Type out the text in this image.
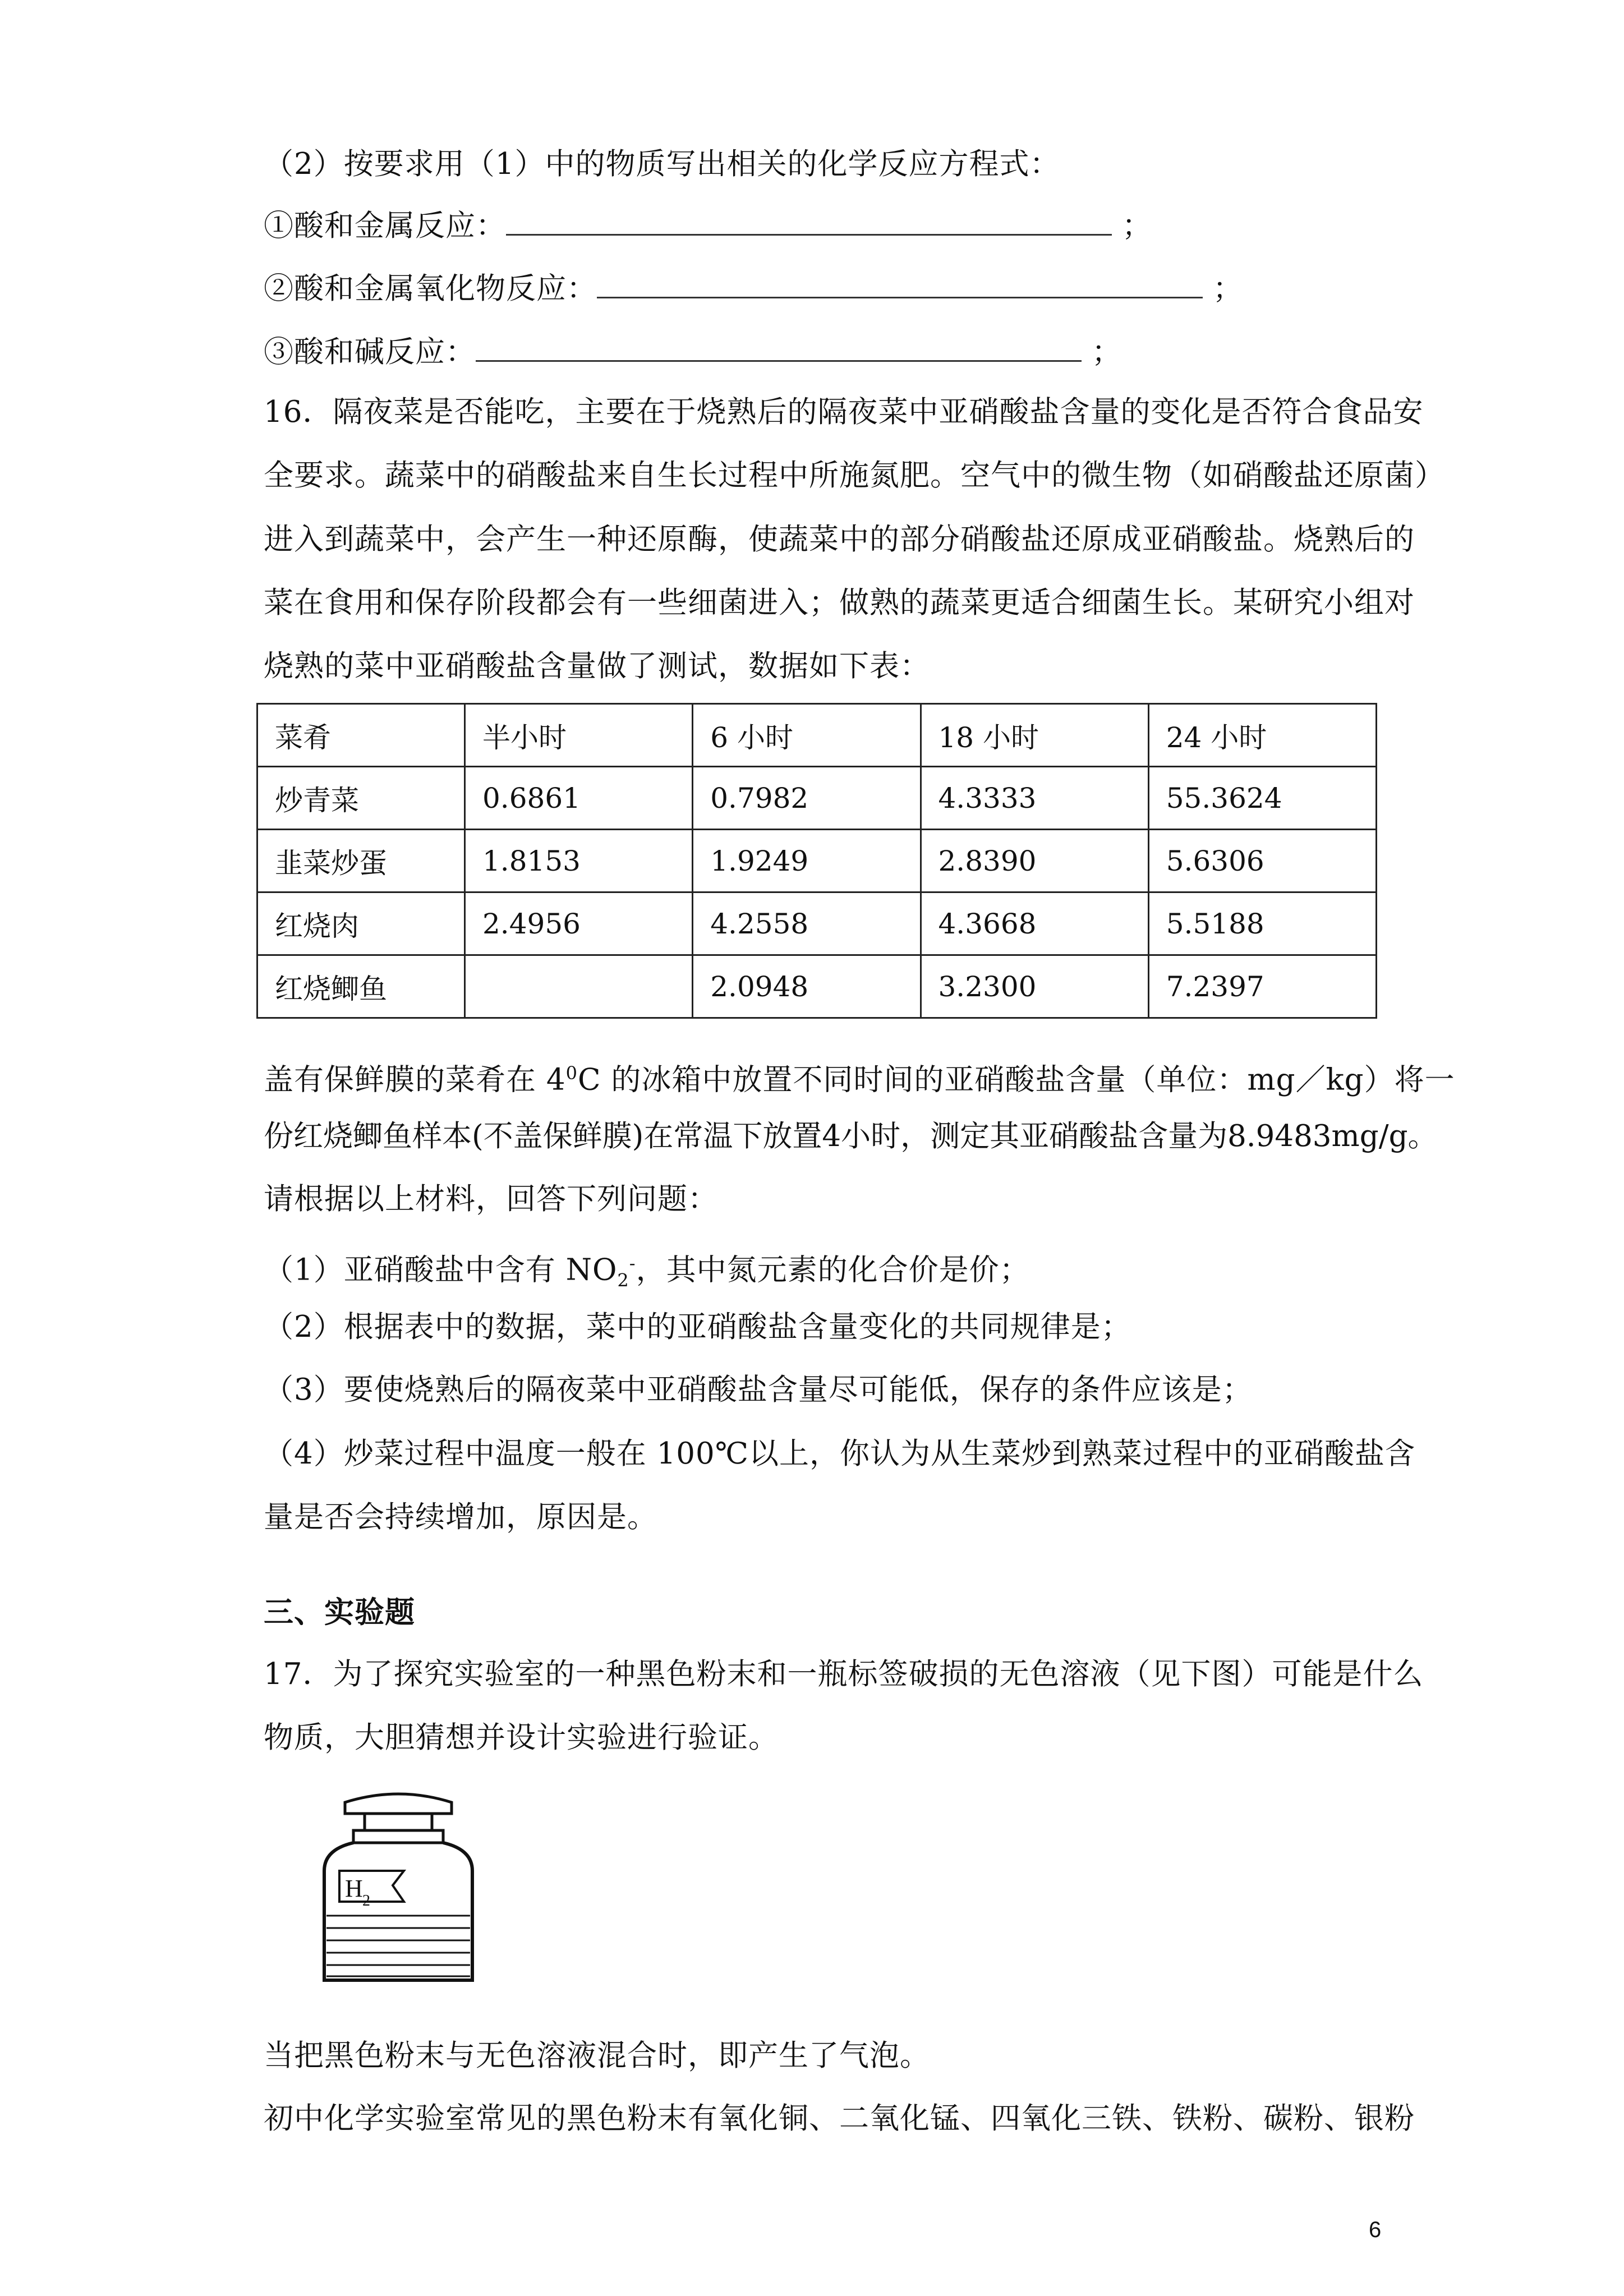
（2）按要求用（1）中的物质写出相关的化学反应方程式：
①酸和金属反应：	；
②酸和金属氧化物反应：	；
③酸和碱反应：	；
16．隔夜菜是否能吃，主要在于烧熟后的隔夜菜中亚硝酸盐含量的变化是否符合食品安
全要求。蔬菜中的硝酸盐来自生长过程中所施氮肥。空气中的微生物（如硝酸盐还原菌）
进入到蔬菜中，会产生一种还原酶，使蔬菜中的部分硝酸盐还原成亚硝酸盐。烧熟后的
菜在食用和保存阶段都会有一些细菌进入；做熟的蔬菜更适合细菌生长。某研究小组对
烧熟的菜中亚硝酸盐含量做了测试，数据如下表：
菜肴	半小时	6 小时	18 小时	24 小时
炒青菜	0.6861	0.7982	4.3333	55.3624
韭菜炒蛋	1.8153	1.9249	2.8390	5.6306
红烧肉	2.4956	4.2558	4.3668	5.5188
红烧鲫鱼		2.0948	3.2300	7.2397
盖有保鲜膜的菜肴在 $4^0C$ 的冰箱中放置不同时间的亚硝酸盐含量（单位：mg／kg）将一
份红烧鲫鱼样本(不盖保鲜膜)在常温下放置4小时，测定其亚硝酸盐含量为8.9483mg/g。
请根据以上材料，回答下列问题：
（1）亚硝酸盐中含有 $NO_2^-$，其中氮元素的化合价是价；
（2）根据表中的数据，菜中的亚硝酸盐含量变化的共同规律是；
（3）要使烧熟后的隔夜菜中亚硝酸盐含量尽可能低，保存的条件应该是；
（4）炒菜过程中温度一般在 100℃以上，你认为从生菜炒到熟菜过程中的亚硝酸盐含
量是否会持续增加，原因是。
三、实验题
17．为了探究实验室的一种黑色粉末和一瓶标签破损的无色溶液（见下图）可能是什么
物质，大胆猜想并设计实验进行验证。
H 2
当把黑色粉末与无色溶液混合时，即产生了气泡。
初中化学实验室常见的黑色粉末有氧化铜、二氧化锰、四氧化三铁、铁粉、碳粉、银粉
6
